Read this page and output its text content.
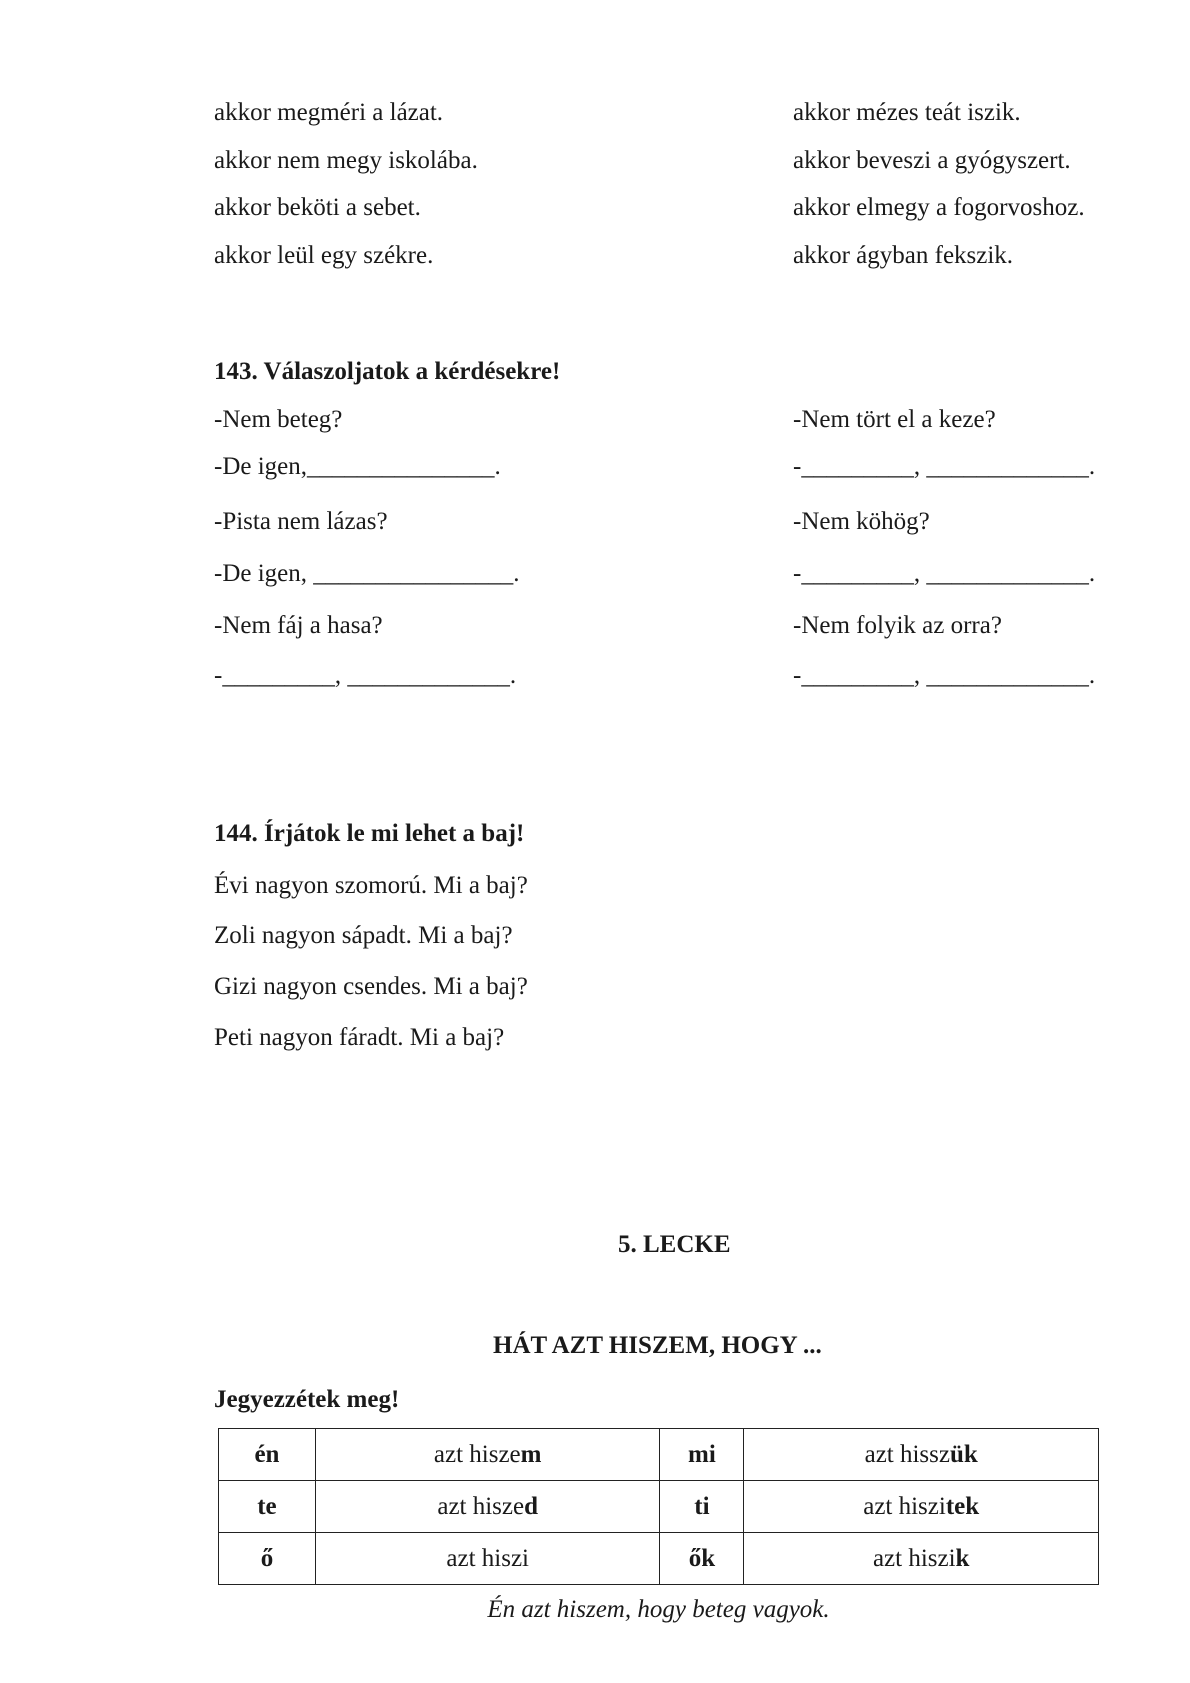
akkor megméri a lázat.
akkor nem megy iskolába.
akkor beköti a sebet.
akkor leül egy székre.
akkor mézes teát iszik.
akkor beveszi a gyógyszert.
akkor elmegy a fogorvoshoz.
akkor ágyban fekszik.
143. Válaszoljatok a kérdésekre!
-Nem beteg?
-De igen,_______________.
-Pista nem lázas?
-De igen, ________________.
-Nem fáj a hasa?
-_________, _____________.
-Nem tört el a keze?
-_________, _____________.
-Nem köhög?
-_________, _____________.
-Nem folyik az orra?
-_________, _____________.
144. Írjátok le mi lehet a baj!
Évi nagyon szomorú. Mi a baj?
Zoli nagyon sápadt. Mi a baj?
Gizi nagyon csendes. Mi a baj?
Peti nagyon fáradt. Mi a baj?
5. LECKE
HÁT AZT HISZEM, HOGY ...
Jegyezzétek meg!
én	azt hiszem	mi	azt hisszük
te	azt hiszed	ti	azt hiszitek
ő	azt hiszi	ők	azt hiszik
Én azt hiszem, hogy beteg vagyok.
